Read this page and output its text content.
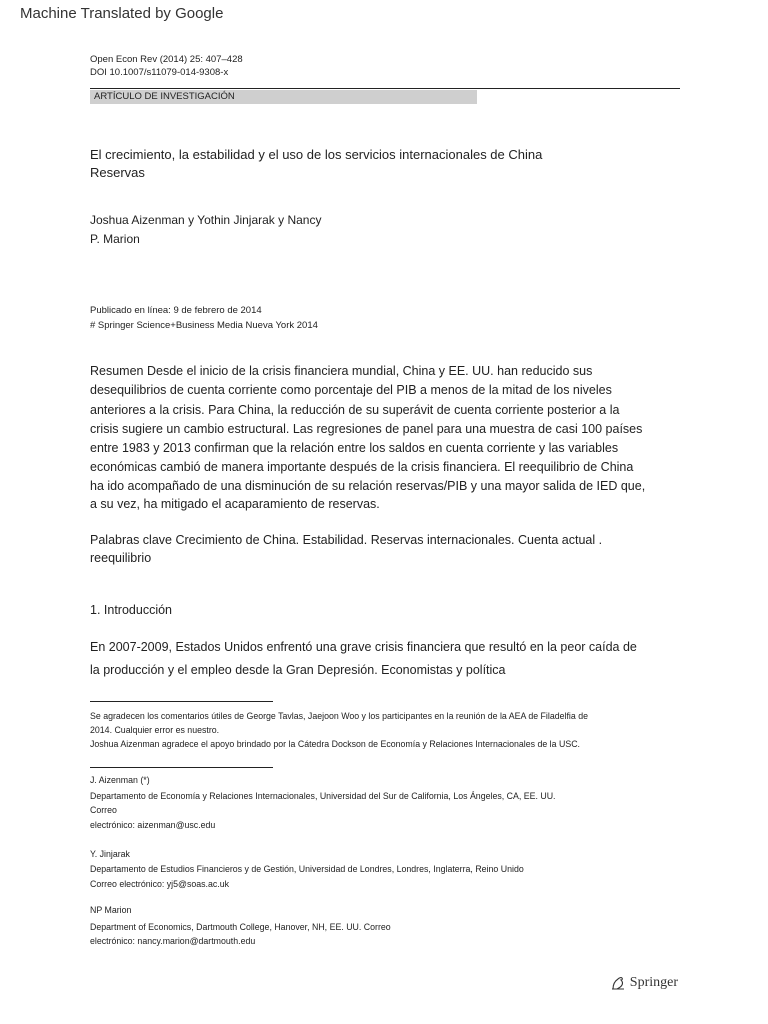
Machine Translated by Google
Open Econ Rev (2014) 25: 407–428
DOI 10.1007/s11079-014-9308-x
ARTÍCULO DE INVESTIGACIÓN
El crecimiento, la estabilidad y el uso de los servicios internacionales de China
Reservas
Joshua Aizenman y Yothin Jinjarak y Nancy
P. Marion
Publicado en línea: 9 de febrero de 2014
# Springer Science+Business Media Nueva York 2014
Resumen Desde el inicio de la crisis financiera mundial, China y EE. UU. han reducido sus
desequilibrios de cuenta corriente como porcentaje del PIB a menos de la mitad de los niveles
anteriores a la crisis. Para China, la reducción de su superávit de cuenta corriente posterior a la
crisis sugiere un cambio estructural. Las regresiones de panel para una muestra de casi 100 países
entre 1983 y 2013 confirman que la relación entre los saldos en cuenta corriente y las variables
económicas cambió de manera importante después de la crisis financiera. El reequilibrio de China
ha ido acompañado de una disminución de su relación reservas/PIB y una mayor salida de IED que,
a su vez, ha mitigado el acaparamiento de reservas.
Palabras clave Crecimiento de China. Estabilidad. Reservas internacionales. Cuenta actual .
reequilibrio
1. Introducción
En 2007-2009, Estados Unidos enfrentó una grave crisis financiera que resultó en la peor caída de
la producción y el empleo desde la Gran Depresión. Economistas y política
Se agradecen los comentarios útiles de George Tavlas, Jaejoon Woo y los participantes en la reunión de la AEA de Filadelfia de
2014. Cualquier error es nuestro.
Joshua Aizenman agradece el apoyo brindado por la Cátedra Dockson de Economía y Relaciones Internacionales de la USC.
J. Aizenman (*)
Departamento de Economía y Relaciones Internacionales, Universidad del Sur de California, Los Ángeles, CA, EE. UU.
Correo
electrónico: aizenman@usc.edu
Y. Jinjarak
Departamento de Estudios Financieros y de Gestión, Universidad de Londres, Londres, Inglaterra, Reino Unido
Correo electrónico: yj5@soas.ac.uk
NP Marion
Department of Economics, Dartmouth College, Hanover, NH, EE. UU. Correo
electrónico: nancy.marion@dartmouth.edu
Springer
